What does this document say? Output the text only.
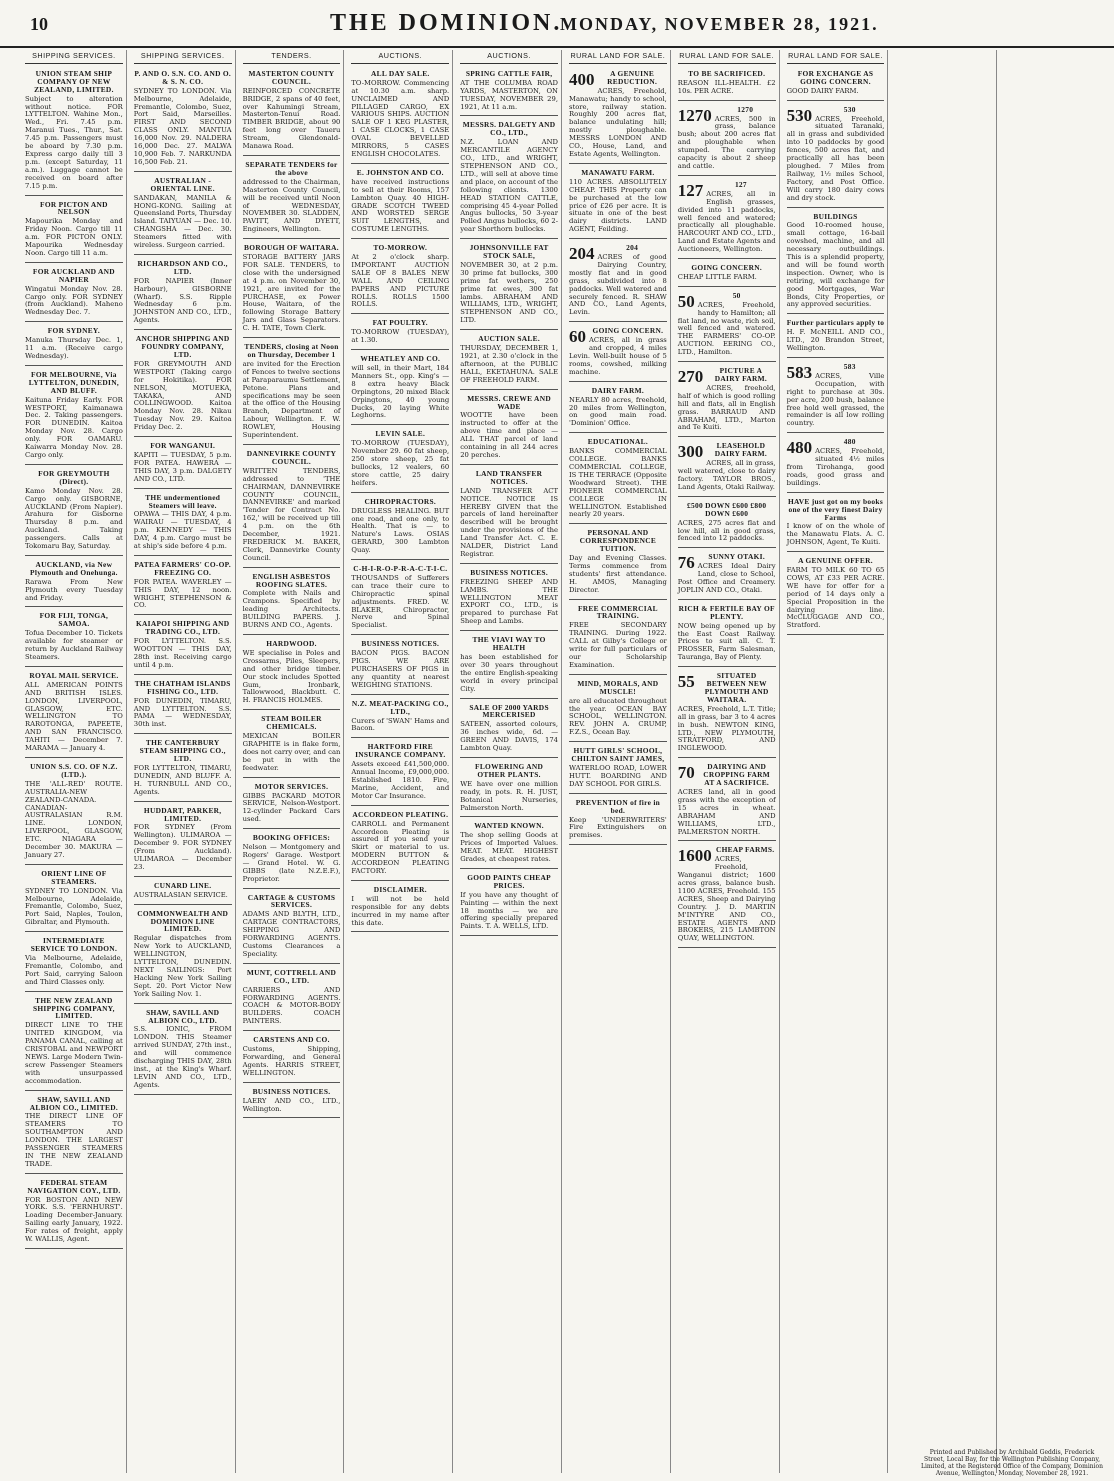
10	THE DOMINION.
MONDAY, NOVEMBER 28, 1921.
SHIPPING SERVICES.
UNION STEAM SHIP COMPANY OF NEW ZEALAND, LIMITED.
Subject to alteration without notice. FOR LYTTELTON. Wahine Mon., Wed., Fri. 7.45 p.m. Maranui Tues., Thur., Sat. 7.45 p.m. Passengers must be aboard by 7.30 p.m. Express cargo daily till 3 p.m. (except Saturday, 11 a.m.). Luggage cannot be received on board after 7.15 p.m.
FOR PICTON AND NELSON
Mapourika Monday and Friday Noon. Cargo till 11 a.m. FOR PICTON ONLY. Mapourika Wednesday Noon. Cargo till 11 a.m.
FOR AUCKLAND AND NAPIER
Wingatui Monday Nov. 28. Cargo only. FOR SYDNEY (from Auckland). Maheno Wednesday Dec. 7.
FOR SYDNEY.
Manuka Thursday Dec. 1, 11 a.m. (Receive cargo Wednesday).
FOR MELBOURNE, Via LYTTELTON, DUNEDIN, AND BLUFF.
Kaituna Friday Early. FOR WESTPORT, Kaimanawa Dec. 2. Taking passengers. FOR DUNEDIN. Kaitoa Monday Nov. 28. Cargo only. FOR OAMARU. Kaiwarra Monday Nov. 28. Cargo only.
FOR GREYMOUTH (Direct).
Kamo Monday Nov. 28. Cargo only. GISBORNE, AUCKLAND (From Napier). Arahura for Gisborne Thursday 8 p.m. and Auckland. Taking passengers. Calls at Tokomaru Bay, Saturday.
AUCKLAND, via New Plymouth and Onehunga.
Rarawa From New Plymouth every Tuesday and Friday.
FOR FIJI, TONGA, SAMOA.
Tofua December 10. Tickets available for steamer or return by Auckland Railway Steamers.
ROYAL MAIL SERVICE.
ALL AMERICAN POINTS AND BRITISH ISLES. LONDON, LIVERPOOL, GLASGOW, ETC. WELLINGTON TO RAROTONGA, PAPEETE, AND SAN FRANCISCO. TAHITI — December 7. MARAMA — January 4.
UNION S.S. CO. OF N.Z. (LTD.).
THE 'ALL-RED' ROUTE. AUSTRALIA-NEW ZEALAND-CANADA. CANADIAN-AUSTRALASIAN R.M. LINE. LONDON, LIVERPOOL, GLASGOW, ETC. NIAGARA — December 30. MAKURA — January 27.
ORIENT LINE OF STEAMERS.
SYDNEY TO LONDON. Via Melbourne, Adelaide, Fremantle, Colombo, Suez, Port Said, Naples, Toulon, Gibraltar, and Plymouth.
INTERMEDIATE SERVICE TO LONDON.
Via Melbourne, Adelaide, Fremantle, Colombo, and Port Said, carrying Saloon and Third Classes only.
THE NEW ZEALAND SHIPPING COMPANY, LIMITED.
DIRECT LINE TO THE UNITED KINGDOM, via PANAMA CANAL, calling at CRISTOBAL and NEWPORT NEWS. Large Modern Twin-screw Passenger Steamers with unsurpassed accommodation.
SHAW, SAVILL AND ALBION CO., LIMITED.
THE DIRECT LINE OF STEAMERS TO SOUTHAMPTON AND LONDON. THE LARGEST PASSENGER STEAMERS IN THE NEW ZEALAND TRADE.
FEDERAL STEAM NAVIGATION COY., LTD.
FOR BOSTON AND NEW YORK. S.S. 'FERNHURST'. Loading December-January. Sailing early January, 1922. For rates of freight, apply W. WALLIS, Agent.
SHIPPING SERVICES.
P. AND O. S.N. CO. AND O. & S. N. CO.
SYDNEY TO LONDON. Via Melbourne, Adelaide, Fremantle, Colombo, Suez, Port Said, Marseilles. FIRST AND SECOND CLASS ONLY. MANTUA 16,000 Nov. 29. NALDERA 16,000 Dec. 27. MALWA 10,900 Feb. 7. NARKUNDA 16,500 Feb. 21.
AUSTRALIAN - ORIENTAL LINE.
SANDAKAN, MANILA & HONG-KONG. Sailing at Queensland Ports, Thursday Island. TAIYUAN — Dec. 10. CHANGSHA — Dec. 30. Steamers fitted with wireless. Surgeon carried.
RICHARDSON AND CO., LTD.
FOR NAPIER (Inner Harbour), GISBORNE (Wharf). S.S. Ripple Wednesday 6 p.m. JOHNSTON AND CO., LTD., Agents.
ANCHOR SHIPPING AND FOUNDRY COMPANY, LTD.
FOR GREYMOUTH AND WESTPORT (Taking cargo for Hokitika). FOR NELSON, MOTUEKA, TAKAKA, AND COLLINGWOOD. Kaitoa Monday Nov. 28. Nikau Tuesday Nov. 29. Kaitoa Friday Dec. 2.
FOR WANGANUI.
KAPITI — TUESDAY, 5 p.m. FOR PATEA. HAWERA — THIS DAY, 3 p.m. DALGETY AND CO., LTD.
THE undermentioned Steamers will leave.
OPAWA — THIS DAY, 4 p.m. WAIRAU — TUESDAY, 4 p.m. KENNEDY — THIS DAY, 4 p.m. Cargo must be at ship's side before 4 p.m.
PATEA FARMERS' CO-OP. FREEZING CO.
FOR PATEA. WAVERLEY — THIS DAY, 12 noon. WRIGHT, STEPHENSON & CO.
KAIAPOI SHIPPING AND TRADING CO., LTD.
FOR LYTTELTON. S.S. WOOTTON — THIS DAY, 28th inst. Receiving cargo until 4 p.m.
THE CHATHAM ISLANDS FISHING CO., LTD.
FOR DUNEDIN, TIMARU, AND LYTTELTON. S.S. PAMA — WEDNESDAY, 30th inst.
THE CANTERBURY STEAM SHIPPING CO., LTD.
FOR LYTTELTON, TIMARU, DUNEDIN, AND BLUFF. A. H. TURNBULL AND CO., Agents.
HUDDART, PARKER, LIMITED.
FOR SYDNEY (From Wellington). ULIMAROA — December 9. FOR SYDNEY (From Auckland). ULIMAROA — December 23.
CUNARD LINE.
AUSTRALASIAN SERVICE.
COMMONWEALTH AND DOMINION LINE LIMITED.
Regular dispatches from New York to AUCKLAND, WELLINGTON, LYTTELTON, DUNEDIN. NEXT SAILINGS: Port Hacking New York Sailing Sept. 20. Port Victor New York Sailing Nov. 1.
SHAW, SAVILL AND ALBION CO., LTD.
S.S. IONIC, FROM LONDON. THIS Steamer arrived SUNDAY, 27th inst., and will commence discharging THIS DAY, 28th inst., at the King's Wharf. LEVIN AND CO., LTD., Agents.
TENDERS.
MASTERTON COUNTY COUNCIL.
REINFORCED CONCRETE BRIDGE, 2 spans of 40 feet, over Kahumingi Stream, Masterton-Tenui Road. TIMBER BRIDGE, about 90 feet long over Taueru Stream, Glendonald-Manawa Road.
SEPARATE TENDERS for the above
addressed to the Chairman, Masterton County Council, will be received until Noon of WEDNESDAY, NOVEMBER 30. SLADDEN, PAVITT, AND DYETT, Engineers, Wellington.
BOROUGH OF WAITARA.
STORAGE BATTERY JARS FOR SALE. TENDERS, to close with the undersigned at 4 p.m. on November 30, 1921, are invited for the PURCHASE, ex Power House, Waitara, of the following Storage Battery Jars and Glass Separators. C. H. TATE, Town Clerk.
TENDERS, closing at Noon on Thursday, December 1
are invited for the Erection of Fences to twelve sections at Paraparaumu Settlement, Petone. Plans and specifications may be seen at the office of the Housing Branch, Department of Labour, Wellington. F. W. ROWLEY, Housing Superintendent.
DANNEVIRKE COUNTY COUNCIL.
WRITTEN TENDERS, addressed to 'THE CHAIRMAN, DANNEVIRKE COUNTY COUNCIL, DANNEVIRKE' and marked 'Tender for Contract No. 162,' will be received up till 4 p.m. on the 6th December, 1921. FREDERICK M. BAKER, Clerk, Dannevirke County Council.
ENGLISH ASBESTOS ROOFING SLATES.
Complete with Nails and Crampons. Specified by leading Architects. BUILDING PAPERS. J. BURNS AND CO., Agents.
HARDWOOD.
WE specialise in Poles and Crossarms, Piles, Sleepers, and other bridge timber. Our stock includes Spotted Gum, Ironbark, Tallowwood, Blackbutt. C. H. FRANCIS HOLMES.
STEAM BOILER CHEMICALS.
MEXICAN BOILER GRAPHITE is in flake form, does not carry over, and can be put in with the feedwater.
MOTOR SERVICES.
GIBBS PACKARD MOTOR SERVICE, Nelson-Westport. 12-cylinder Packard Cars used.
BOOKING OFFICES:
Nelson — Montgomery and Rogers' Garage. Westport — Grand Hotel. W. G. GIBBS (late N.Z.E.F.), Proprietor.
CARTAGE & CUSTOMS SERVICES.
ADAMS AND BLYTH, LTD., CARTAGE CONTRACTORS, SHIPPING AND FORWARDING AGENTS. Customs Clearances a Speciality.
MUNT, COTTRELL AND CO., LTD.
CARRIERS AND FORWARDING AGENTS. COACH & MOTOR-BODY BUILDERS. COACH PAINTERS.
CARSTENS AND CO.
Customs, Shipping, Forwarding, and General Agents. HARRIS STREET, WELLINGTON.
BUSINESS NOTICES.
LAERY AND CO., LTD., Wellington.
AUCTIONS.
ALL DAY SALE.
TO-MORROW. Commencing at 10.30 a.m. sharp. UNCLAIMED AND PILLAGED CARGO, EX VARIOUS SHIPS. AUCTION SALE OF 1 KEG PLASTER, 1 CASE CLOCKS, 1 CASE OVAL BEVELLED MIRRORS, 5 CASES ENGLISH CHOCOLATES.
E. JOHNSTON AND CO.
have received instructions to sell at their Rooms, 157 Lambton Quay. 40 HIGH-GRADE SCOTCH TWEED AND WORSTED SERGE SUIT LENGTHS, and COSTUME LENGTHS.
TO-MORROW.
At 2 o'clock sharp. IMPORTANT AUCTION SALE OF 8 BALES NEW WALL AND CEILING PAPERS AND PICTURE ROLLS. ROLLS 1500 ROLLS.
FAT POULTRY.
TO-MORROW (TUESDAY), at 1.30.
WHEATLEY AND CO.
will sell, in their Mart, 184 Manners St., opp. King's — 8 extra heavy Black Orpingtons, 20 mixed Black Orpingtons, 40 young Ducks, 20 laying White Leghorns.
LEVIN SALE.
TO-MORROW (TUESDAY), November 29. 60 fat sheep, 250 store sheep, 25 fat bullocks, 12 vealers, 60 store cattle, 25 dairy heifers.
CHIROPRACTORS.
DRUGLESS HEALING. BUT one road, and one only, to Health. That is — to Nature's Laws. OSIAS GERARD, 300 Lambton Quay.
C-H-I-R-O-P-R-A-C-T-I-C.
THOUSANDS of Sufferers can trace their cure to Chiropractic spinal adjustments. FRED. W. BLAKER, Chiropractor, Nerve and Spinal Specialist.
BUSINESS NOTICES.
BACON PIGS. BACON PIGS. WE ARE PURCHASERS OF PIGS in any quantity at nearest WEIGHING STATIONS.
N.Z. MEAT-PACKING CO., LTD.,
Curers of 'SWAN' Hams and Bacon.
HARTFORD FIRE INSURANCE COMPANY.
Assets exceed £41,500,000. Annual Income, £9,000,000. Established 1810. Fire, Marine, Accident, and Motor Car Insurance.
ACCORDEON PLEATING.
CARROLL and Permanent Accordeon Pleating is assured if you send your Skirt or material to us. MODERN BUTTON & ACCORDEON PLEATING FACTORY.
DISCLAIMER.
I will not be held responsible for any debts incurred in my name after this date.
AUCTIONS.
SPRING CATTLE FAIR,
AT THE COLUMBA ROAD YARDS, MASTERTON, ON TUESDAY, NOVEMBER 29, 1921, At 11 a.m.
MESSRS. DALGETY AND CO., LTD.,
N.Z. LOAN AND MERCANTILE AGENCY CO., LTD., and WRIGHT, STEPHENSON AND CO., LTD., will sell at above time and place, on account of the following clients. 1300 HEAD STATION CATTLE, comprising 45 4-year Polled Angus bullocks, 50 3-year Polled Angus bullocks, 60 2-year Shorthorn bullocks.
JOHNSONVILLE FAT STOCK SALE,
NOVEMBER 30, at 2 p.m. 30 prime fat bullocks, 300 prime fat wethers, 250 prime fat ewes, 300 fat lambs. ABRAHAM AND WILLIAMS, LTD., WRIGHT, STEPHENSON AND CO., LTD.
AUCTION SALE.
THURSDAY, DECEMBER 1, 1921, at 2.30 o'clock in the afternoon, at the PUBLIC HALL, EKETAHUNA. SALE OF FREEHOLD FARM.
MESSRS. CREWE AND WADE
WOOTTE have been instructed to offer at the above time and place — ALL THAT parcel of land containing in all 244 acres 20 perches.
LAND TRANSFER NOTICES.
LAND TRANSFER ACT NOTICE. NOTICE IS HEREBY GIVEN that the parcels of land hereinafter described will be brought under the provisions of the Land Transfer Act. C. E. NALDER, District Land Registrar.
BUSINESS NOTICES.
FREEZING SHEEP AND LAMBS. THE WELLINGTON MEAT EXPORT CO., LTD., is prepared to purchase Fat Sheep and Lambs.
THE VIAVI WAY TO HEALTH
has been established for over 30 years throughout the entire English-speaking world in every principal City.
SALE OF 2000 YARDS MERCERISED
SATEEN, assorted colours, 36 inches wide, 6d. — GREEN AND DAVIS, 174 Lambton Quay.
FLOWERING AND OTHER PLANTS.
WE have over one million ready, in pots. R. H. JUST, Botanical Nurseries, Palmerston North.
WANTED KNOWN.
The shop selling Goods at Prices of Imported Values. MEAT. MEAT. HIGHEST Grades, at cheapest rates.
GOOD PAINTS CHEAP PRICES.
If you have any thought of Painting — within the next 18 months — we are offering specially prepared Paints. T. A. WELLS, LTD.
RURAL LAND FOR SALE.
400	A GENUINE REDUCTION.
ACRES, Freehold, Manawatu; handy to school, store, railway station. Roughly 200 acres flat, balance undulating hill; mostly ploughable. MESSRS LONDON AND CO., House, Land, and Estate Agents, Wellington.
MANAWATU FARM.
110 ACRES. ABSOLUTELY CHEAP. THIS Property can be purchased at the low price of £26 per acre. It is situate in one of the best dairy districts. LAND AGENT, Feilding.
204	204
ACRES of good Dairying Country, mostly flat and in good grass, subdivided into 8 paddocks. Well watered and securely fenced. R. SHAW AND CO., Land Agents, Levin.
60 GOING CONCERN.
ACRES, all in grass and cropped, 4 miles Levin. Well-built house of 5 rooms, cowshed, milking machine.
DAIRY FARM.
NEARLY 80 acres, freehold, 20 miles from Wellington, on good main road. 'Dominion' Office.
EDUCATIONAL.
BANKS COMMERCIAL COLLEGE. BANKS COMMERCIAL COLLEGE, IS THE TERRACE (Opposite Woodward Street). THE PIONEER COMMERCIAL COLLEGE IN WELLINGTON. Established nearly 20 years.
PERSONAL AND CORRESPONDENCE TUITION.
Day and Evening Classes. Terms commence from students' first attendance. H. AMOS, Managing Director.
FREE COMMERCIAL TRAINING.
FREE SECONDARY TRAINING. During 1922. CALL at Gilby's College or write for full particulars of our Scholarship Examination.
MIND, MORALS, AND MUSCLE!
are all educated throughout the year. OCEAN BAY SCHOOL, WELLINGTON. REV. JOHN A. CRUMP, F.Z.S., Ocean Bay.
HUTT GIRLS' SCHOOL, CHILTON SAINT JAMES,
WATERLOO ROAD, LOWER HUTT. BOARDING AND DAY SCHOOL FOR GIRLS.
PREVENTION of fire in bed.
Keep 'UNDERWRITERS' Fire Extinguishers on premises.
RURAL LAND FOR SALE.
TO BE SACRIFICED.
REASON ILL-HEALTH. £2 10s. PER ACRE.
1270	1270
ACRES, 500 in grass, balance bush; about 200 acres flat and ploughable when stumped. The carrying capacity is about 2 sheep and cattle.
127	127
ACRES, all in English grasses, divided into 11 paddocks, well fenced and watered; practically all ploughable. HARCOURT AND CO., LTD., Land and Estate Agents and Auctioneers, Wellington.
GOING CONCERN.
CHEAP LITTLE FARM.
50	50
ACRES, Freehold, handy to Hamilton; all flat land, no waste, rich soil, well fenced and watered. THE FARMERS' CO-OP. AUCTION. EERING CO., LTD., Hamilton.
270	PICTURE A DAIRY FARM.
ACRES, freehold, half of which is good rolling hill and flats, all in English grass. BARRAUD AND ABRAHAM, LTD., Marton and Te Kuiti.
300	LEASEHOLD DAIRY FARM.
ACRES, all in grass, well watered, close to dairy factory. TAYLOR BROS., Land Agents, Otaki Railway.
£500 DOWN £600 £800 DOWN £600
ACRES, 275 acres flat and low hill, all in good grass, fenced into 12 paddocks.
76	SUNNY OTAKI.
ACRES Ideal Dairy Land, close to School, Post Office and Creamery. JOPLIN AND CO., Otaki.
RICH & FERTILE BAY OF PLENTY.
NOW being opened up by the East Coast Railway. Prices to suit all. C. T. PROSSER, Farm Salesman, Tauranga, Bay of Plenty.
55	SITUATED BETWEEN NEW PLYMOUTH AND WAITARA.
ACRES, Freehold, L.T. Title; all in grass, bar 3 to 4 acres in bush. NEWTON KING, LTD., NEW PLYMOUTH, STRATFORD, AND INGLEWOOD.
70	DAIRYING AND CROPPING FARM AT A SACRIFICE.
ACRES land, all in good grass with the exception of 15 acres in wheat. ABRAHAM AND WILLIAMS, LTD., PALMERSTON NORTH.
1600 CHEAP FARMS.
ACRES, Freehold, Wanganui district; 1600 acres grass, balance bush. 1100 ACRES, Freehold. 155 ACRES, Sheep and Dairying Country. J. D. MARTIN M'INTYRE AND CO., ESTATE AGENTS AND BROKERS, 215 LAMBTON QUAY, WELLINGTON.
RURAL LAND FOR SALE.
FOR EXCHANGE AS GOING CONCERN.
GOOD DAIRY FARM.
530	530
ACRES, Freehold, situated Taranaki, all in grass and subdivided into 10 paddocks by good fences, 500 acres flat, and practically all has been ploughed. 7 Miles from Railway, 1½ miles School, Factory, and Post Office. Will carry 180 dairy cows and dry stock.
BUILDINGS
Good 10-roomed house, small cottage, 16-bail cowshed, machine, and all necessary outbuildings. This is a splendid property, and will be found worth inspection. Owner, who is retiring, will exchange for good Mortgages, War Bonds, City Properties, or any approved securities.
Further particulars apply to
H. F. McNEILL AND CO., LTD., 20 Brandon Street, Wellington.
583	583
ACRES, Ville Occupation, with right to purchase at 30s. per acre, 200 bush, balance free hold well grassed, the remainder is all low rolling country.
480	480
ACRES, Freehold, situated 4½ miles from Tirohanga, good roads, good grass and buildings.
HAVE just got on my books one of the very finest Dairy Farms
I know of on the whole of the Manawatu Flats. A. C. JOHNSON, Agent, Te Kuiti.
A GENUINE OFFER.
FARM TO MILK 60 TO 65 COWS, AT £33 PER ACRE. WE have for offer for a period of 14 days only a Special Proposition in the dairying line. McCLUGGAGE AND CO., Stratford.
Printed and Published by Archibald Geddis, Frederick Street, Local Bay, for the Wellington Publishing Company, Limited, at the Registered Office of the Company, Dominion Avenue, Wellington, Monday, November 28, 1921.
